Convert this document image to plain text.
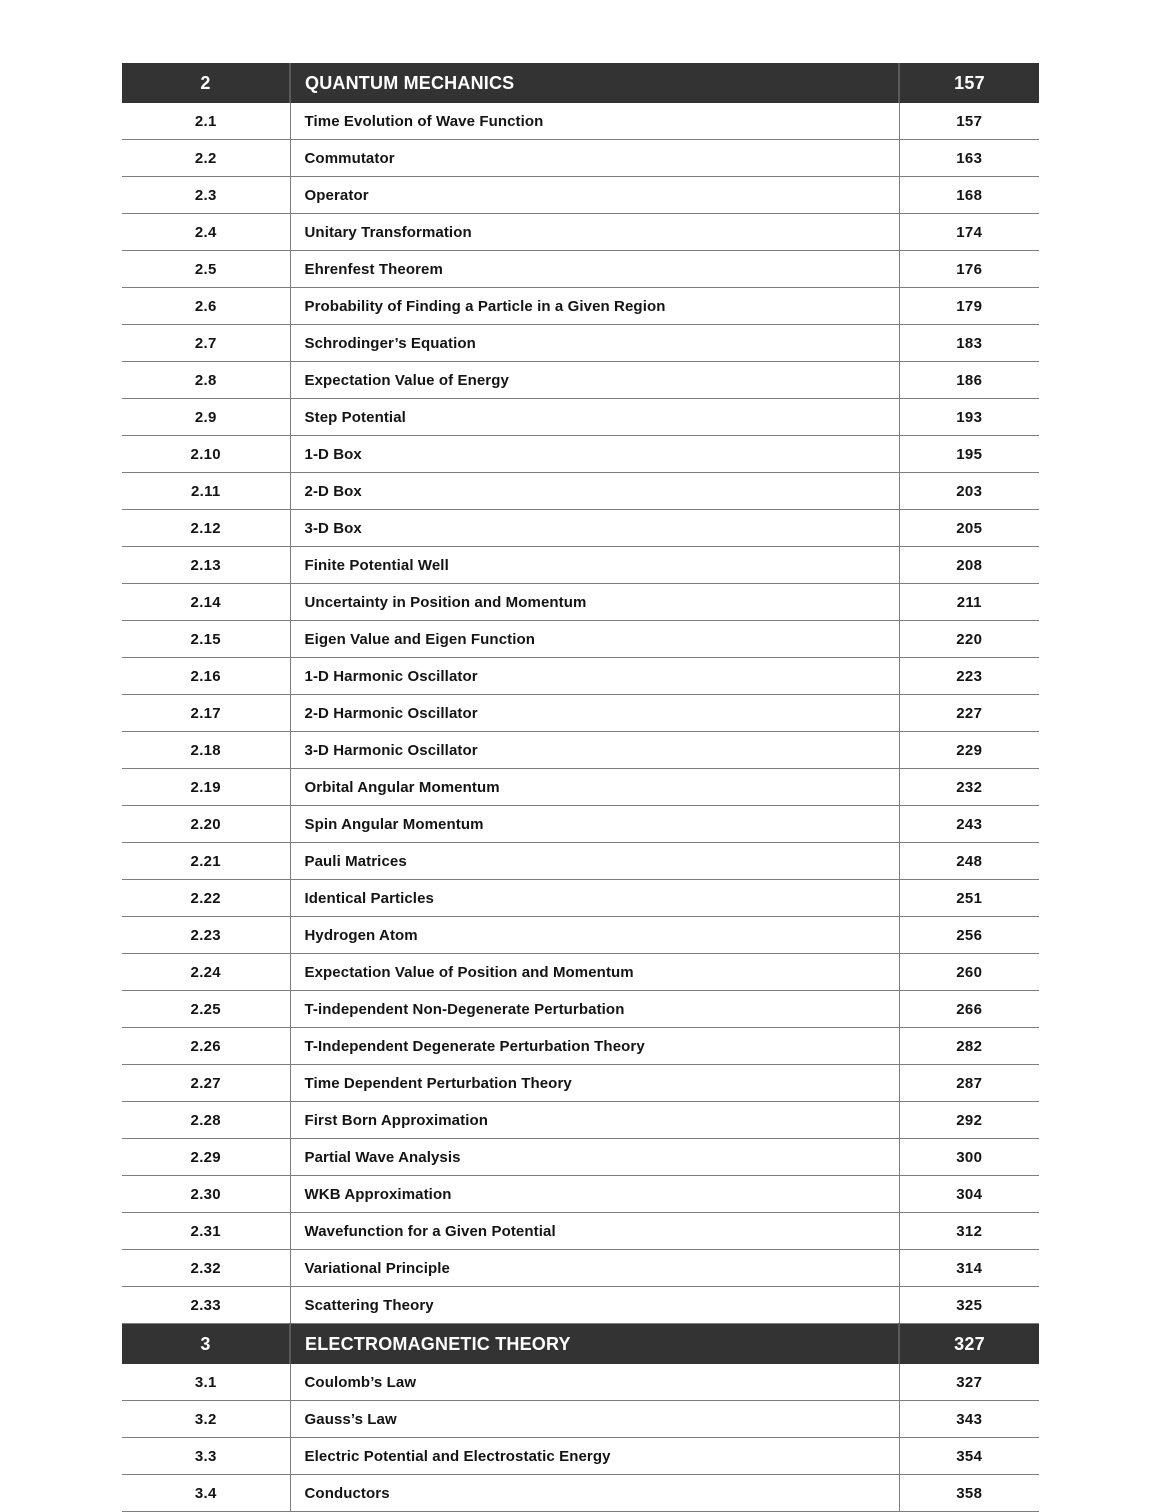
2	QUANTUM MECHANICS	157
2.1	Time Evolution of Wave Function	157
2.2	Commutator	163
2.3	Operator	168
2.4	Unitary Transformation	174
2.5	Ehrenfest Theorem	176
2.6	Probability of Finding a Particle in a Given Region	179
2.7	Schrodinger’s Equation	183
2.8	Expectation Value of Energy	186
2.9	Step Potential	193
2.10	1-D Box	195
2.11	2-D Box	203
2.12	3-D Box	205
2.13	Finite Potential Well	208
2.14	Uncertainty in Position and Momentum	211
2.15	Eigen Value and Eigen Function	220
2.16	1-D Harmonic Oscillator	223
2.17	2-D Harmonic Oscillator	227
2.18	3-D Harmonic Oscillator	229
2.19	Orbital Angular Momentum	232
2.20	Spin Angular Momentum	243
2.21	Pauli Matrices	248
2.22	Identical Particles	251
2.23	Hydrogen Atom	256
2.24	Expectation Value of Position and Momentum	260
2.25	T-independent Non-Degenerate Perturbation	266
2.26	T-Independent Degenerate Perturbation Theory	282
2.27	Time Dependent Perturbation Theory	287
2.28	First Born Approximation	292
2.29	Partial Wave Analysis	300
2.30	WKB Approximation	304
2.31	Wavefunction for a Given Potential	312
2.32	Variational Principle	314
2.33	Scattering Theory	325
3	ELECTROMAGNETIC THEORY	327
3.1	Coulomb’s Law	327
3.2	Gauss’s Law	343
3.3	Electric Potential and Electrostatic Energy	354
3.4	Conductors	358
